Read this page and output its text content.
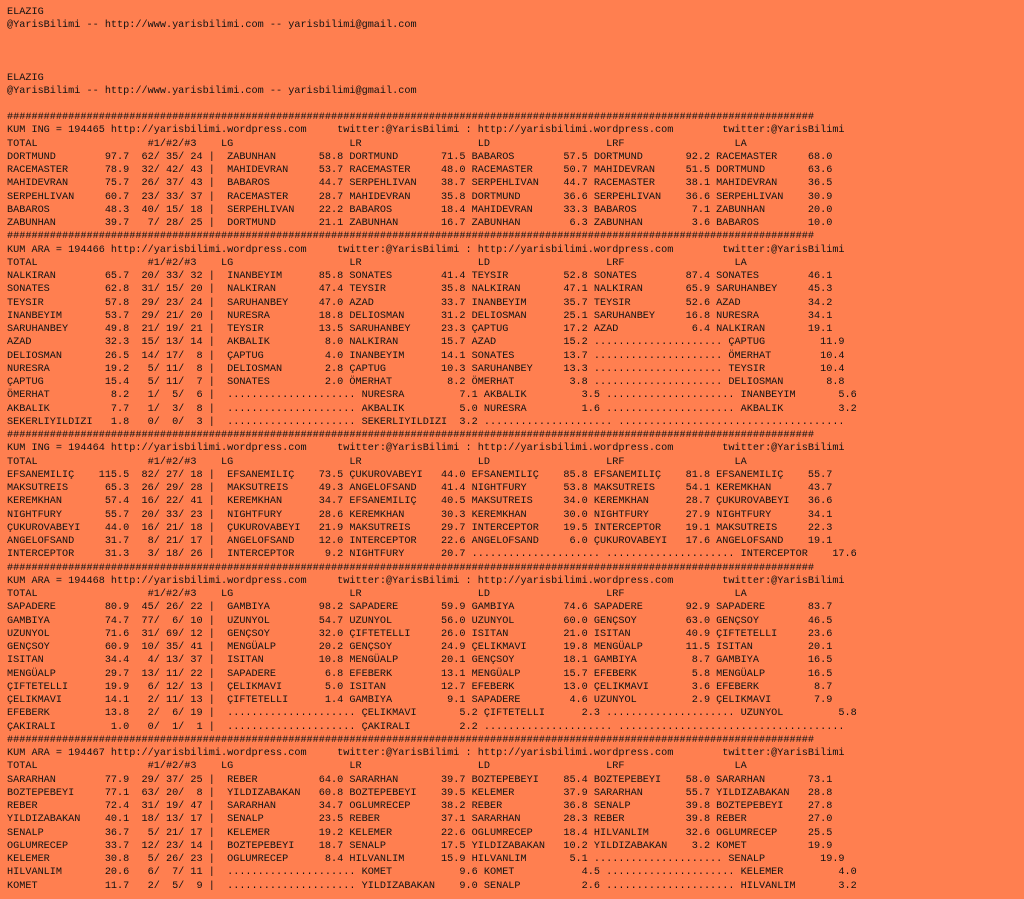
ELAZIG
@YarisBilimi -- http://www.yarisbilimi.com -- yarisbilimi@gmail.com
ELAZIG
@YarisBilimi -- http://www.yarisbilimi.com -- yarisbilimi@gmail.com
####################################################################################################################################
KUM ING = 194465 http://yarisbilimi.wordpress.com     twitter:@YarisBilimi : http://yarisbilimi.wordpress.com        twitter:@YarisBilimi
TOTAL                  #1/#2/#3    LG                   LR                   LD                   LRF                  LA
DORTMUND        97.7  62/ 35/ 24 |  ZABUNHAN       58.8 DORTMUND       71.5 BABAROS        57.5 DORTMUND       92.2 RACEMASTER     68.0
RACEMASTER      78.9  32/ 42/ 43 |  MAHIDEVRAN     53.7 RACEMASTER     48.0 RACEMASTER     50.7 MAHIDEVRAN     51.5 DORTMUND       63.6
MAHIDEVRAN      75.7  26/ 37/ 43 |  BABAROS        44.7 SERPEHLIVAN    38.7 SERPEHLIVAN    44.7 RACEMASTER     38.1 MAHIDEVRAN     36.5
SERPEHLIVAN     60.7  23/ 33/ 37 |  RACEMASTER     28.7 MAHIDEVRAN     35.8 DORTMUND       36.6 SERPEHLIVAN    36.6 SERPEHLIVAN    30.9
BABAROS         48.3  40/ 15/ 18 |  SERPEHLIVAN    22.2 BABAROS        18.4 MAHIDEVRAN     33.3 BABAROS         7.1 ZABUNHAN       20.0
ZABUNHAN        39.7   7/ 28/ 25 |  DORTMUND       21.1 ZABUNHAN       16.7 ZABUNHAN        6.3 ZABUNHAN        3.6 BABAROS        10.0
####################################################################################################################################
KUM ARA = 194466 http://yarisbilimi.wordpress.com     twitter:@YarisBilimi : http://yarisbilimi.wordpress.com        twitter:@YarisBilimi
TOTAL                  #1/#2/#3    LG                   LR                   LD                   LRF                  LA
NALKIRAN        65.7  20/ 33/ 32 |  INANBEYIM      85.8 SONATES        41.4 TEYSIR         52.8 SONATES        87.4 SONATES        46.1
SONATES         62.8  31/ 15/ 20 |  NALKIRAN       47.4 TEYSIR         35.8 NALKIRAN       47.1 NALKIRAN       65.9 SARUHANBEY     45.3
TEYSIR          57.8  29/ 23/ 24 |  SARUHANBEY     47.0 AZAD           33.7 INANBEYIM      35.7 TEYSIR         52.6 AZAD           34.2
INANBEYIM       53.7  29/ 21/ 20 |  NURESRA        18.8 DELIOSMAN      31.2 DELIOSMAN      25.1 SARUHANBEY     16.8 NURESRA        34.1
SARUHANBEY      49.8  21/ 19/ 21 |  TEYSIR         13.5 SARUHANBEY     23.3 ÇAPTUG         17.2 AZAD            6.4 NALKIRAN       19.1
AZAD            32.3  15/ 13/ 14 |  AKBALIK         8.0 NALKIRAN       15.7 AZAD           15.2 ..................... ÇAPTUG         11.9
DELIOSMAN       26.5  14/ 17/  8 |  ÇAPTUG          4.0 INANBEYIM      14.1 SONATES        13.7 ..................... ÖMERHAT        10.4
NURESRA         19.2   5/ 11/  8 |  DELIOSMAN       2.8 ÇAPTUG         10.3 SARUHANBEY     13.3 ..................... TEYSIR         10.4
ÇAPTUG          15.4   5/ 11/  7 |  SONATES         2.0 ÖMERHAT         8.2 ÖMERHAT         3.8 ..................... DELIOSMAN       8.8
ÖMERHAT          8.2   1/  5/  6 |  ..................... NURESRA         7.1 AKBALIK         3.5 ..................... INANBEYIM       5.6
AKBALIK          7.7   1/  3/  8 |  ..................... AKBALIK         5.0 NURESRA         1.6 ..................... AKBALIK         3.2
SEKERLIYILDIZI   1.8   0/  0/  3 |  ..................... SEKERLIYILDIZI  3.2 ..................... .....................................
####################################################################################################################################
KUM ING = 194464 http://yarisbilimi.wordpress.com     twitter:@YarisBilimi : http://yarisbilimi.wordpress.com        twitter:@YarisBilimi
TOTAL                  #1/#2/#3    LG                   LR                   LD                   LRF                  LA
EFSANEMILIÇ    115.5  82/ 27/ 18 |  EFSANEMILIÇ    73.5 ÇUKUROVABEYI   44.0 EFSANEMILIÇ    85.8 EFSANEMILIÇ    81.8 EFSANEMILIÇ    55.7
MAKSUTREIS      65.3  26/ 29/ 28 |  MAKSUTREIS     49.3 ANGELOFSAND    41.4 NIGHTFURY      53.8 MAKSUTREIS     54.1 KEREMKHAN      43.7
KEREMKHAN       57.4  16/ 22/ 41 |  KEREMKHAN      34.7 EFSANEMILIÇ    40.5 MAKSUTREIS     34.0 KEREMKHAN      28.7 ÇUKUROVABEYI   36.6
NIGHTFURY       55.7  20/ 33/ 23 |  NIGHTFURY      28.6 KEREMKHAN      30.3 KEREMKHAN      30.0 NIGHTFURY      27.9 NIGHTFURY      34.1
ÇUKUROVABEYI    44.0  16/ 21/ 18 |  ÇUKUROVABEYI   21.9 MAKSUTREIS     29.7 INTERCEPTOR    19.5 INTERCEPTOR    19.1 MAKSUTREIS     22.3
ANGELOFSAND     31.7   8/ 21/ 17 |  ANGELOFSAND    12.0 INTERCEPTOR    22.6 ANGELOFSAND     6.0 ÇUKUROVABEYI   17.6 ANGELOFSAND    19.1
INTERCEPTOR     31.3   3/ 18/ 26 |  INTERCEPTOR     9.2 NIGHTFURY      20.7 ..................... ..................... INTERCEPTOR    17.6
####################################################################################################################################
KUM ARA = 194468 http://yarisbilimi.wordpress.com     twitter:@YarisBilimi : http://yarisbilimi.wordpress.com        twitter:@YarisBilimi
TOTAL                  #1/#2/#3    LG                   LR                   LD                   LRF                  LA
SAPADERE        80.9  45/ 26/ 22 |  GAMBIYA        98.2 SAPADERE       59.9 GAMBIYA        74.6 SAPADERE       92.9 SAPADERE       83.7
GAMBIYA         74.7  77/  6/ 10 |  UZUNYOL        54.7 UZUNYOL        56.0 UZUNYOL        60.0 GENÇSOY        63.0 GENÇSOY        46.5
UZUNYOL         71.6  31/ 69/ 12 |  GENÇSOY        32.0 ÇIFTETELLI     26.0 ISITAN         21.0 ISITAN         40.9 ÇIFTETELLI     23.6
GENÇSOY         60.9  10/ 35/ 41 |  MENGÜALP       20.2 GENÇSOY        24.9 ÇELIKMAVI      19.8 MENGÜALP       11.5 ISITAN         20.1
ISITAN          34.4   4/ 13/ 37 |  ISITAN         10.8 MENGÜALP       20.1 GENÇSOY        18.1 GAMBIYA         8.7 GAMBIYA        16.5
MENGÜALP        29.7  13/ 11/ 22 |  SAPADERE        6.8 EFEBERK        13.1 MENGÜALP       15.7 EFEBERK         5.8 MENGÜALP       16.5
ÇIFTETELLI      19.9   6/ 12/ 13 |  ÇELIKMAVI       5.0 ISITAN         12.7 EFEBERK        13.0 ÇELIKMAVI       3.6 EFEBERK         8.7
ÇELIKMAVI       14.1   2/ 11/ 13 |  ÇIFTETELLI      1.4 GAMBIYA         9.1 SAPADERE        4.6 UZUNYOL         2.9 ÇELIKMAVI       7.9
EFEBERK         13.8   2/  6/ 19 |  ..................... ÇELIKMAVI       5.2 ÇIFTETELLI      2.3 ..................... UZUNYOL         5.8
ÇAKIRALI         1.0   0/  1/  1 |  ..................... ÇAKIRALI        2.2 ..................... .....................................
####################################################################################################################################
KUM ARA = 194467 http://yarisbilimi.wordpress.com     twitter:@YarisBilimi : http://yarisbilimi.wordpress.com        twitter:@YarisBilimi
TOTAL                  #1/#2/#3    LG                   LR                   LD                   LRF                  LA
SARARHAN        77.9  29/ 37/ 25 |  REBER          64.0 SARARHAN       39.7 BOZTEPEBEYI    85.4 BOZTEPEBEYI    58.0 SARARHAN       73.1
BOZTEPEBEYI     77.1  63/ 20/  8 |  YILDIZABAKAN   60.8 BOZTEPEBEYI    39.5 KELEMER        37.9 SARARHAN       55.7 YILDIZABAKAN   28.8
REBER           72.4  31/ 19/ 47 |  SARARHAN       34.7 OGLUMRECEP     38.2 REBER          36.8 SENALP         39.8 BOZTEPEBEYI    27.8
YILDIZABAKAN    40.1  18/ 13/ 17 |  SENALP         23.5 REBER          37.1 SARARHAN       28.3 REBER          39.8 REBER          27.0
SENALP          36.7   5/ 21/ 17 |  KELEMER        19.2 KELEMER        22.6 OGLUMRECEP     18.4 HILVANLIM      32.6 OGLUMRECEP     25.5
OGLUMRECEP      33.7  12/ 23/ 14 |  BOZTEPEBEYI    18.7 SENALP         17.5 YILDIZABAKAN   10.2 YILDIZABAKAN    3.2 KOMET          19.9
KELEMER         30.8   5/ 26/ 23 |  OGLUMRECEP      8.4 HILVANLIM      15.9 HILVANLIM       5.1 ..................... SENALP         19.9
HILVANLIM       20.6   6/  7/ 11 |  ..................... KOMET           9.6 KOMET           4.5 ..................... KELEMER         4.0
KOMET           11.7   2/  5/  9 |  ..................... YILDIZABAKAN    9.0 SENALP          2.6 ..................... HILVANLIM       3.2
